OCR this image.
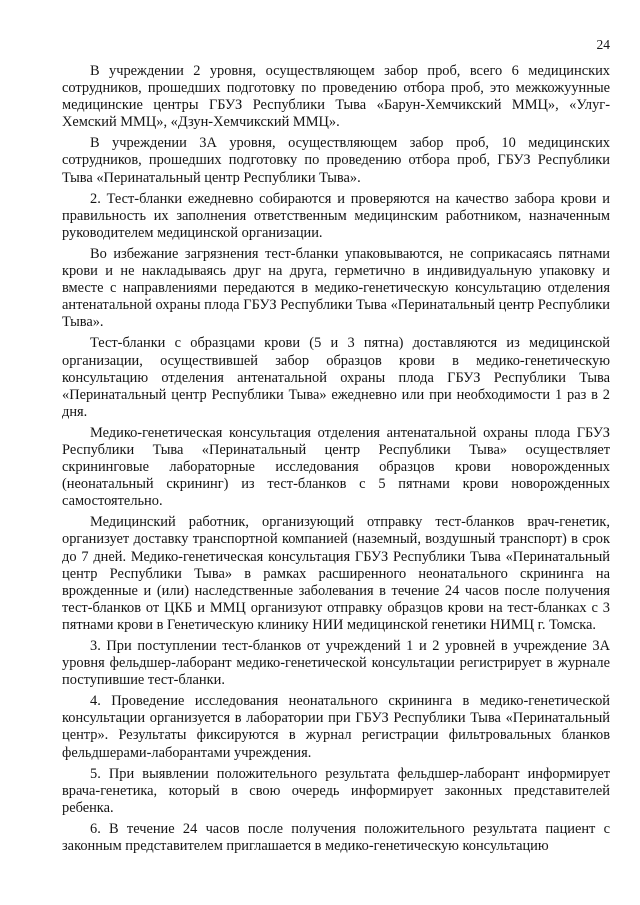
24

В учреждении 2 уровня, осуществляющем забор проб, всего 6 медицинских сотрудников, прошедших подготовку по проведению отбора проб, это межкожуунные медицинские центры ГБУЗ Республики Тыва «Барун-Хемчикский ММЦ», «Улуг-Хемский ММЦ», «Дзун-Хемчикский ММЦ».

В учреждении 3А уровня, осуществляющем забор проб, 10 медицинских сотрудников, прошедших подготовку по проведению отбора проб, ГБУЗ Республики Тыва «Перинатальный центр Республики Тыва».

2. Тест-бланки ежедневно собираются и проверяются на качество забора крови и правильность их заполнения ответственным медицинским работником, назначенным руководителем медицинской организации.

Во избежание загрязнения тест-бланки упаковываются, не соприкасаясь пятнами крови и не накладываясь друг на друга, герметично в индивидуальную упаковку и вместе с направлениями передаются в медико-генетическую консультацию отделения антенатальной охраны плода ГБУЗ Республики Тыва «Перинатальный центр Республики Тыва».

Тест-бланки с образцами крови (5 и 3 пятна) доставляются из медицинской организации, осуществившей забор образцов крови в медико-генетическую консультацию отделения антенатальной охраны плода ГБУЗ Республики Тыва «Перинатальный центр Республики Тыва» ежедневно или при необходимости 1 раз в 2 дня.

Медико-генетическая консультация отделения антенатальной охраны плода ГБУЗ Республики Тыва «Перинатальный центр Республики Тыва» осуществляет скрининговые лабораторные исследования образцов крови новорожденных (неонатальный скрининг) из тест-бланков с 5 пятнами крови новорожденных самостоятельно.

Медицинский работник, организующий отправку тест-бланков врач-генетик, организует доставку транспортной компанией (наземный, воздушный транспорт) в срок до 7 дней. Медико-генетическая консультация ГБУЗ Республики Тыва «Перинатальный центр Республики Тыва» в рамках расширенного неонатального скрининга на врожденные и (или) наследственные заболевания в течение 24 часов после получения тест-бланков от ЦКБ и ММЦ организуют отправку образцов крови на тест-бланках с 3 пятнами крови в Генетическую клинику НИИ медицинской генетики НИМЦ г. Томска.

3. При поступлении тест-бланков от учреждений 1 и 2 уровней в учреждение 3А уровня фельдшер-лаборант медико-генетической консультации регистрирует в журнале поступившие тест-бланки.

4. Проведение исследования неонатального скрининга в медико-генетической консультации организуется в лаборатории при ГБУЗ Республики Тыва «Перинатальный центр». Результаты фиксируются в журнал регистрации фильтровальных бланков фельдшерами-лаборантами учреждения.

5. При выявлении положительного результата фельдшер-лаборант информирует врача-генетика, который в свою очередь информирует законных представителей ребенка.

6. В течение 24 часов после получения положительного результата пациент с законным представителем приглашается в медико-генетическую консультацию
